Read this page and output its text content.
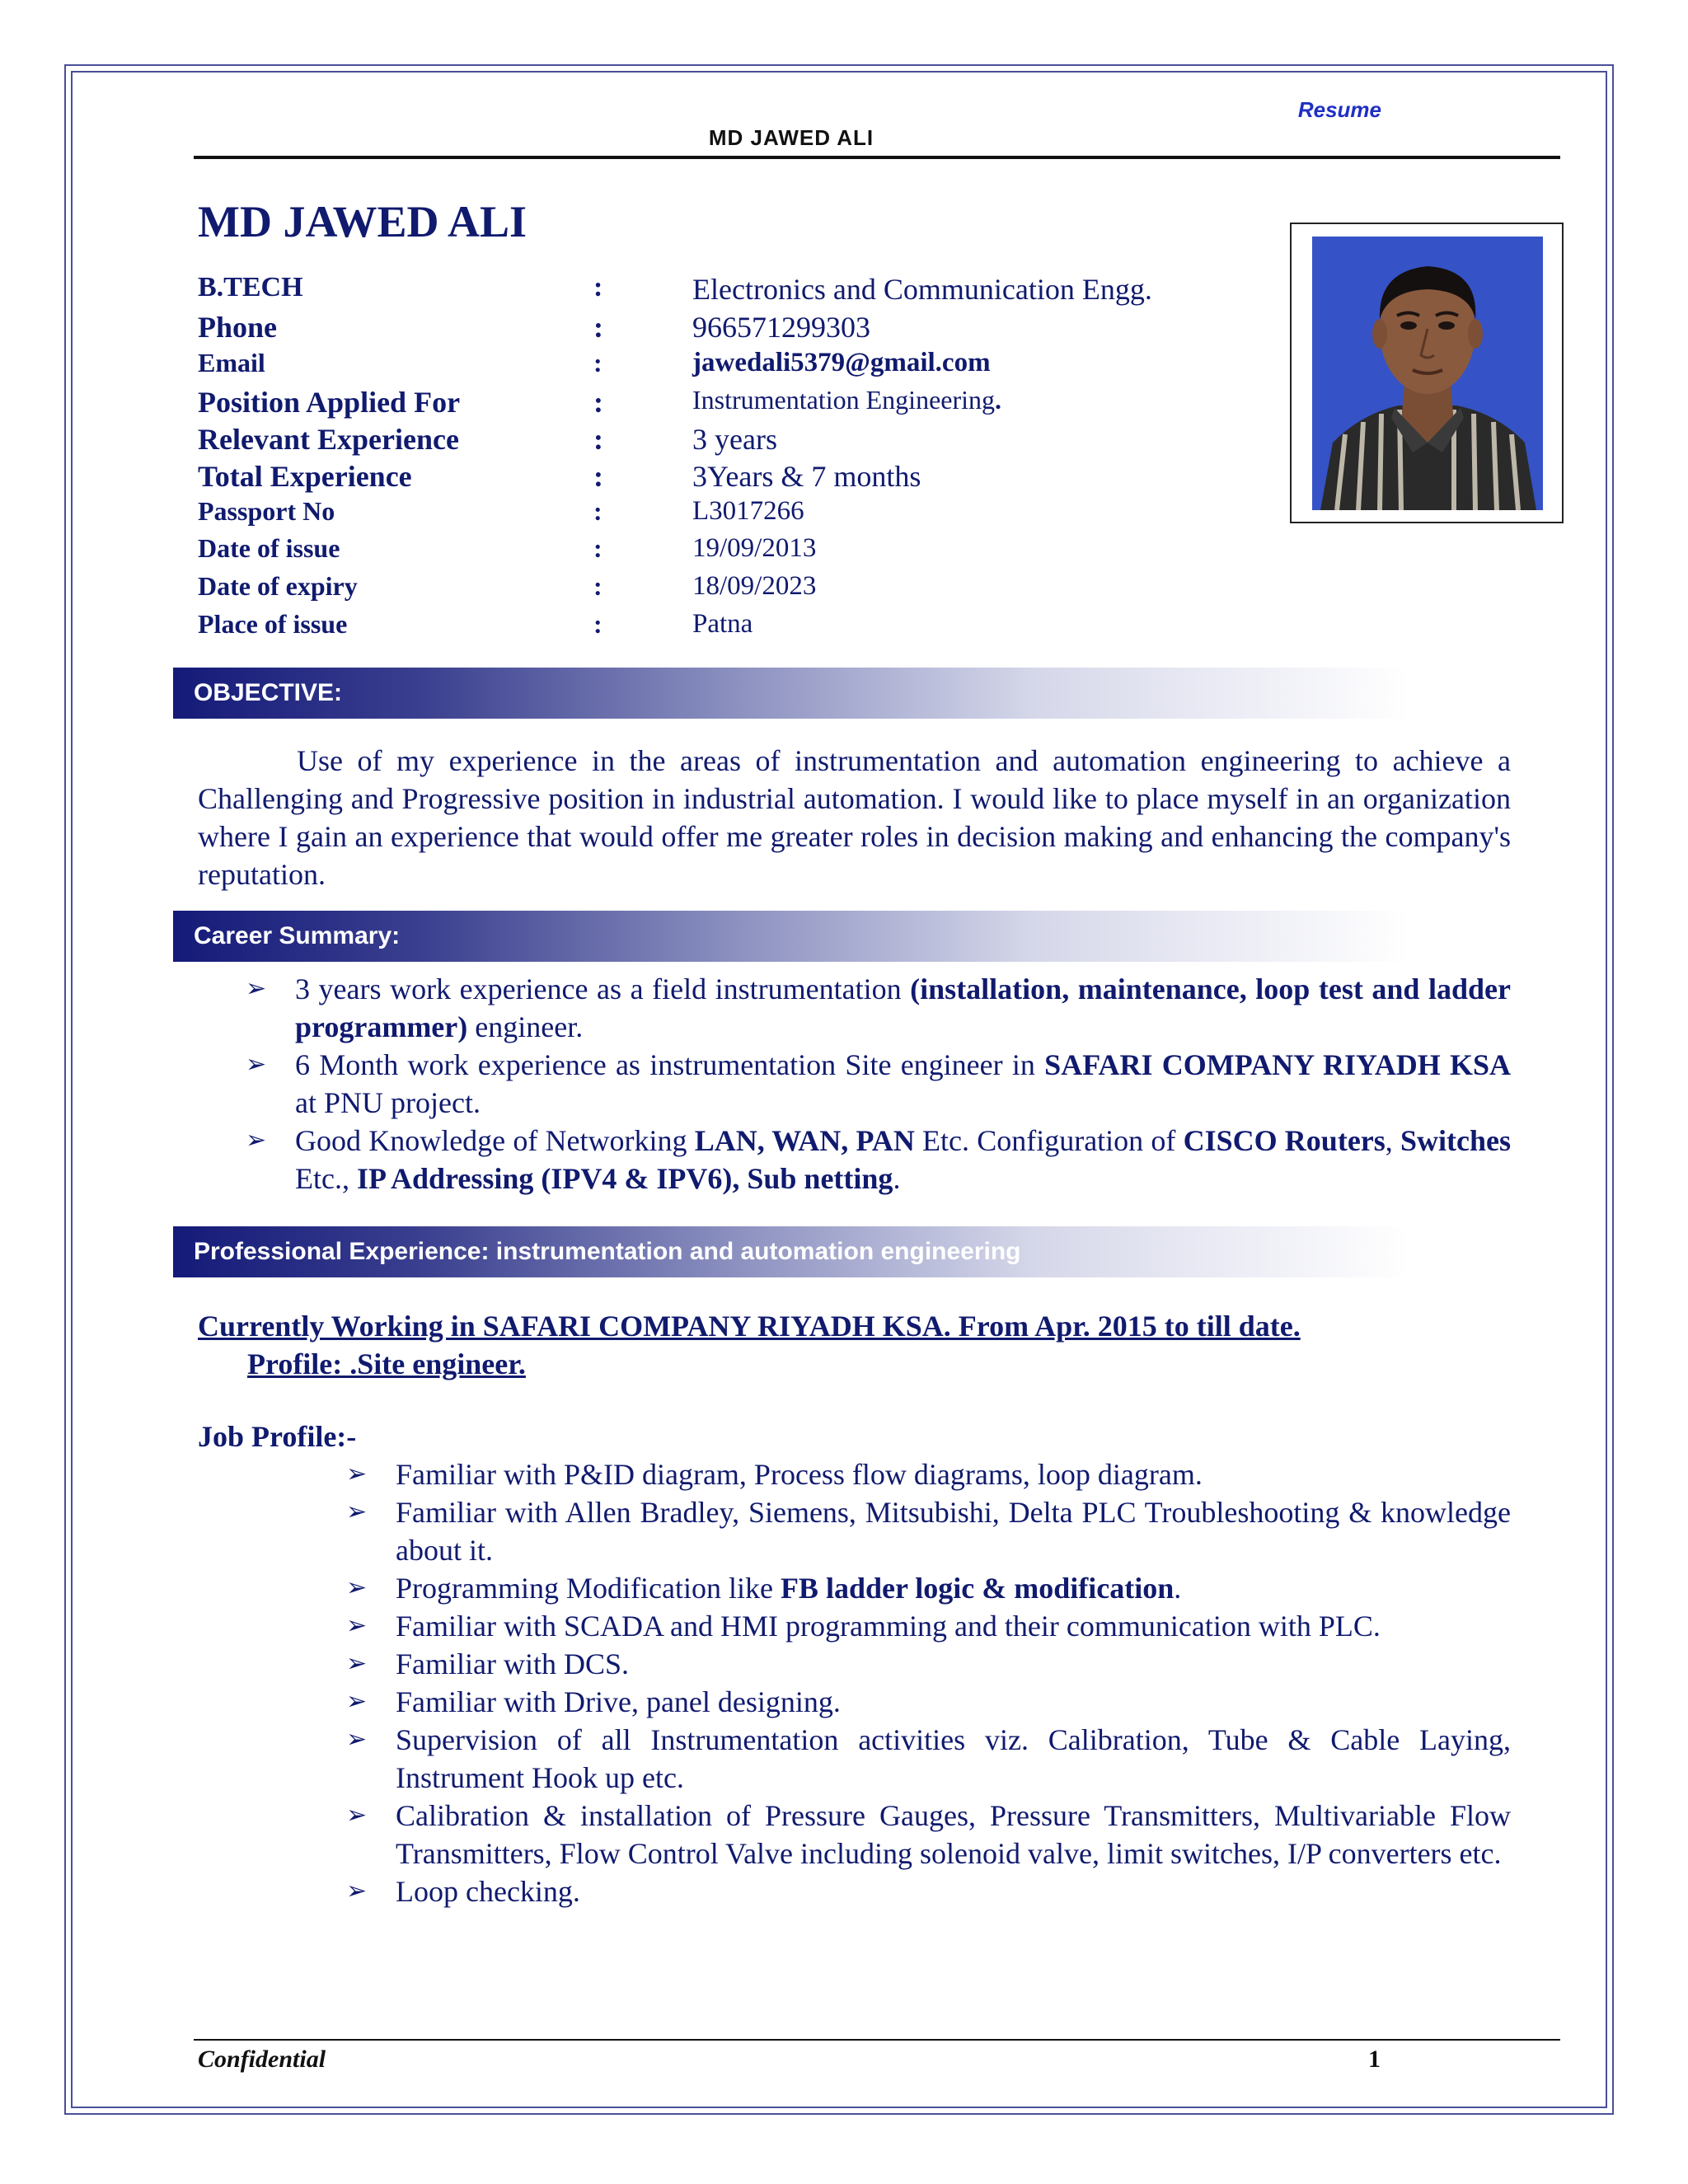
Resume
MD JAWED ALI
MD JAWED ALI
B.TECH	:	Electronics and Communication Engg.
Phone	:	966571299303
Email	:	jawedali5379@gmail.com
Position Applied For	:	Instrumentation Engineering.
Relevant Experience	:	3 years
Total Experience	:	3Years & 7 months
Passport No	:	L3017266
Date of issue	:	19/09/2013
Date of expiry	:	18/09/2023
Place of issue	:	Patna
OBJECTIVE:
Use of my experience in the areas of instrumentation and automation engineering to achieve a Challenging and Progressive position in industrial automation. I would like to place myself in an organization where I gain an experience that would offer me greater roles in decision making and enhancing the company's reputation.
Career Summary:
➢ 3 years work experience as a field instrumentation (installation, maintenance, loop test and ladder programmer) engineer.
➢ 6 Month work experience as instrumentation Site engineer in SAFARI COMPANY RIYADH KSA at PNU project.
➢ Good Knowledge of Networking LAN, WAN, PAN Etc. Configuration of CISCO Routers, Switches Etc., IP Addressing (IPV4 & IPV6), Sub netting.
Professional Experience: instrumentation and automation engineering
Currently Working in SAFARI COMPANY RIYADH KSA. From Apr. 2015 to till date.
Profile: .Site engineer.
Job Profile:-
➢ Familiar with P&ID diagram, Process flow diagrams, loop diagram.
➢ Familiar with Allen Bradley, Siemens, Mitsubishi, Delta PLC Troubleshooting & knowledge about it.
➢ Programming Modification like FB ladder logic & modification.
➢ Familiar with SCADA and HMI programming and their communication with PLC.
➢ Familiar with DCS.
➢ Familiar with Drive, panel designing.
➢ Supervision of all Instrumentation activities viz. Calibration, Tube & Cable Laying, Instrument Hook up etc.
➢ Calibration & installation of Pressure Gauges, Pressure Transmitters, Multivariable Flow Transmitters, Flow Control Valve including solenoid valve, limit switches, I/P converters etc.
➢ Loop checking.
Confidential	1
